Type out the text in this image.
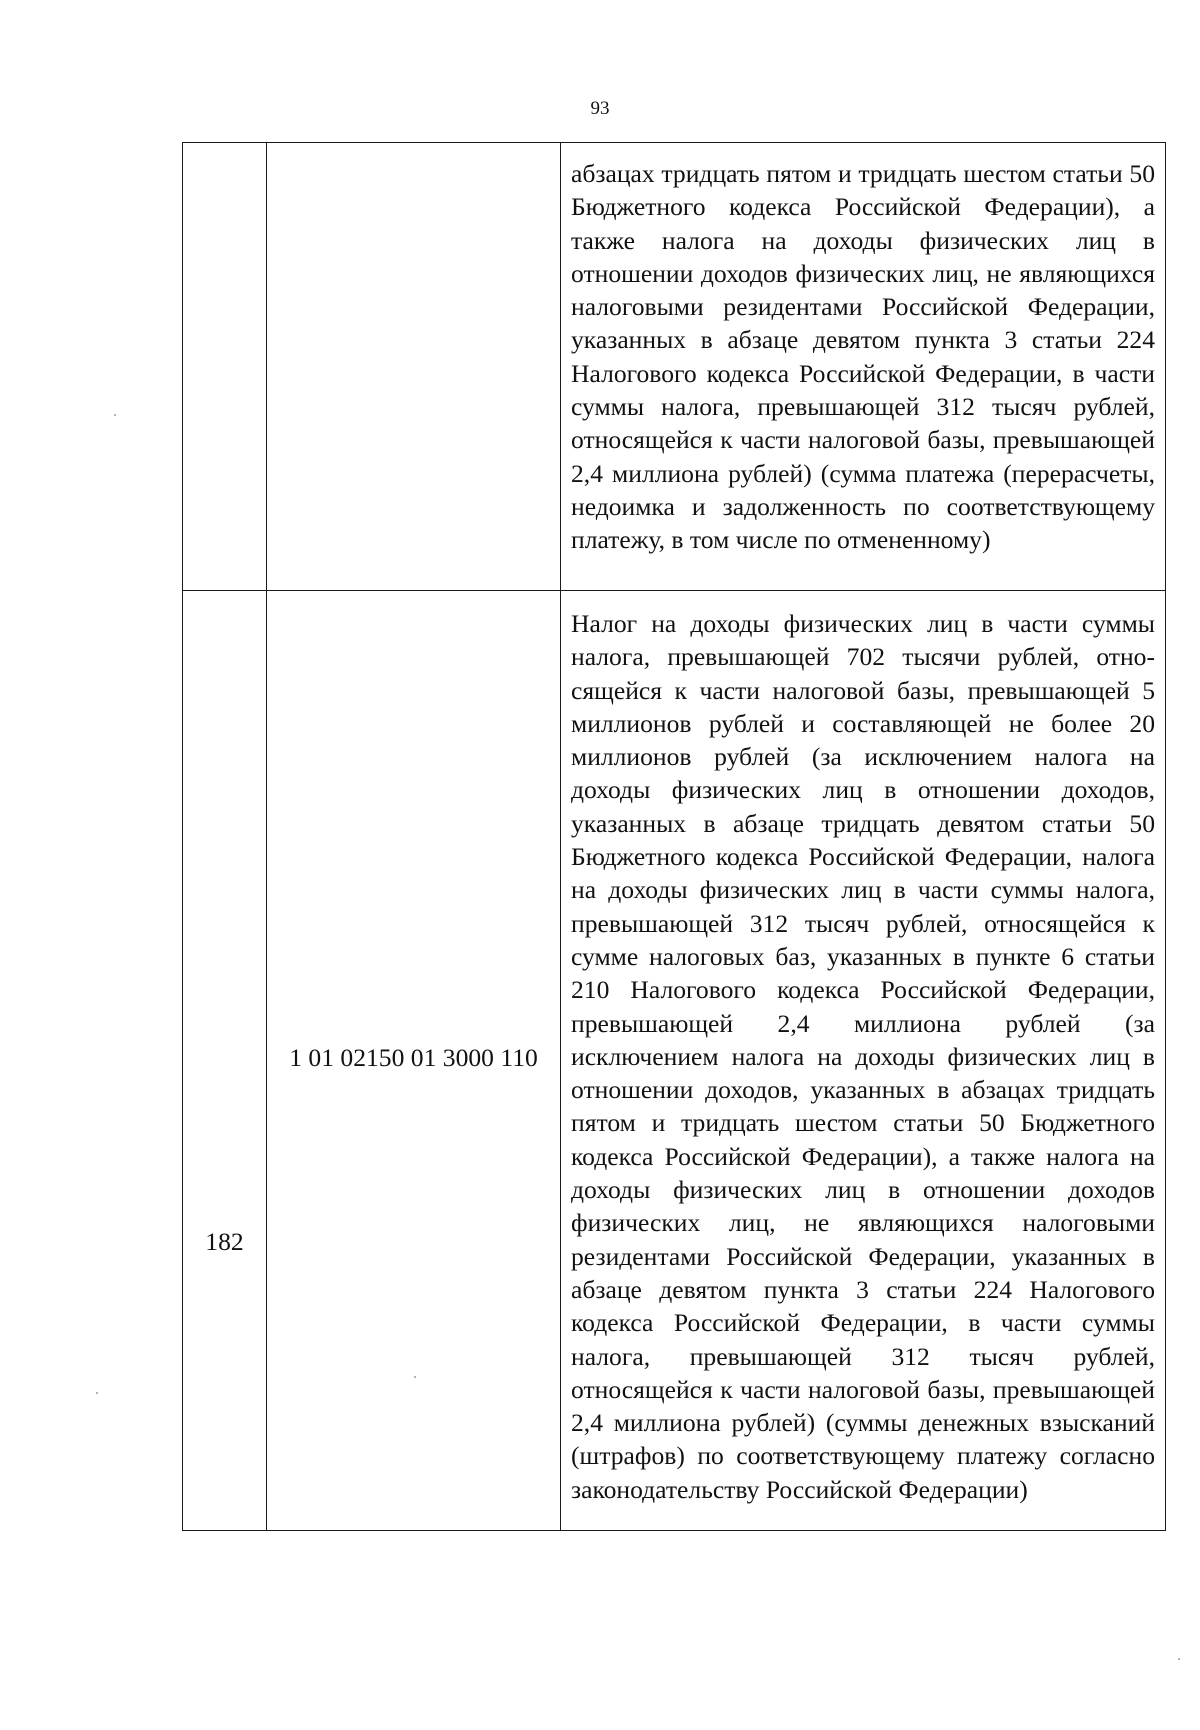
93

		абзацах тридцать пятом и тридцать шестом статьи 50 Бюджетного кодекса Российской Федерации), а также налога на доходы физических лиц в отношении доходов физических лиц, не являющихся налоговыми резидентами Российской Федерации, указанных в абзаце девятом пункта 3 статьи 224 Налогового кодекса Российской Федерации, в части суммы налога, превышающей 312 тысяч рублей, относящейся к части налоговой базы, превышающей 2,4 миллиона рублей) (сумма платежа (перерасчеты, недоимка и задолженность по соответствующему платежу, в том числе по отмененному)

182	1 01 02150 01 3000 110	Налог на доходы физических лиц в части суммы налога, превышающей 702 тысячи рублей, относящейся к части налоговой базы, превышающей 5 миллионов рублей и составляющей не более 20 миллионов рублей (за исключением налога на доходы физических лиц в отношении доходов, указанных в абзаце тридцать девятом статьи 50 Бюджетного кодекса Российской Федерации, налога на доходы физических лиц в части суммы налога, превышающей 312 тысяч рублей, относящейся к сумме налоговых баз, указанных в пункте 6 статьи 210 Налогового кодекса Российской Федерации, превышающей 2,4 миллиона рублей (за исключением налога на доходы физических лиц в отношении доходов, указанных в абзацах тридцать пятом и тридцать шестом статьи 50 Бюджетного кодекса Российской Федерации), а также налога на доходы физических лиц в отношении доходов физических лиц, не являющихся налоговыми резидентами Российской Федерации, указанных в абзаце девятом пункта 3 статьи 224 Налогового кодекса Российской Федерации, в части суммы налога, превышающей 312 тысяч рублей, относящейся к части налоговой базы, превышающей 2,4 миллиона рублей) (суммы денежных взысканий (штрафов) по соответствующему платежу согласно законодательству Российской Федерации)
